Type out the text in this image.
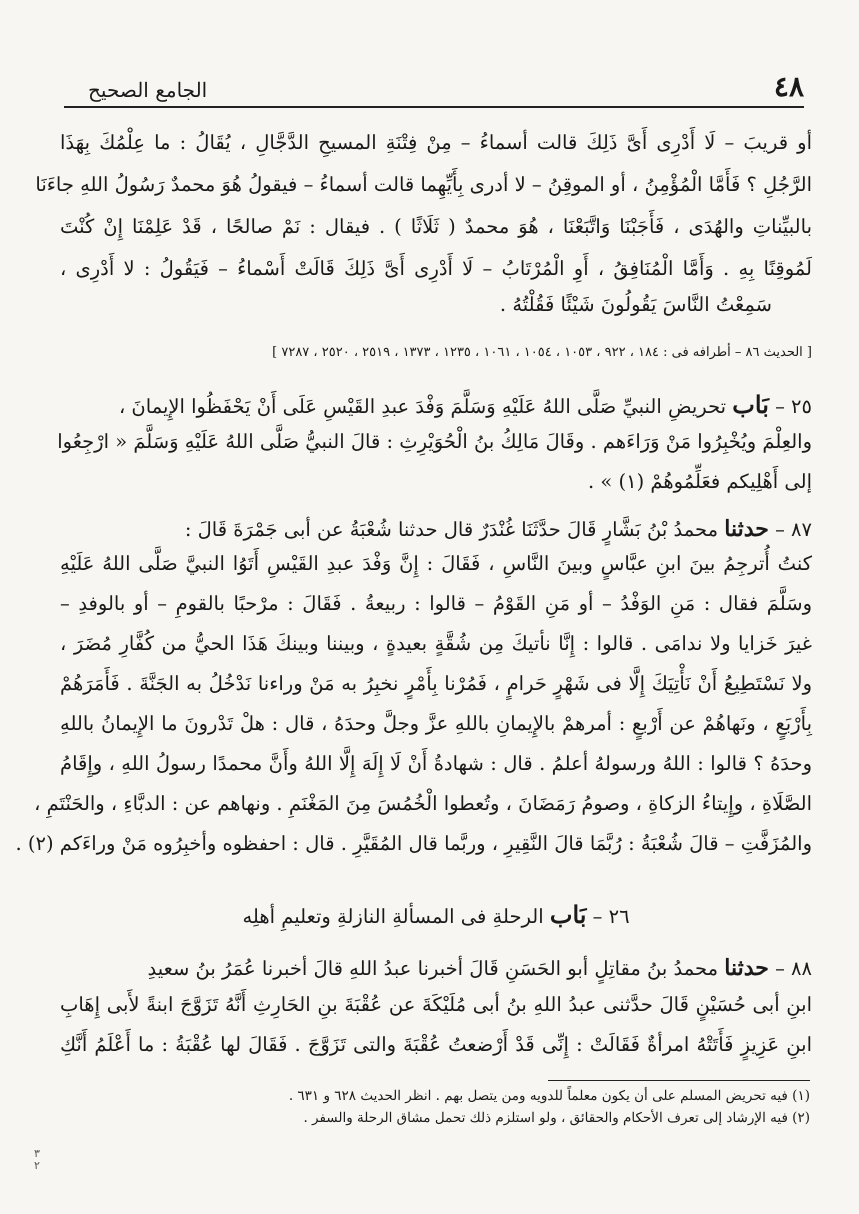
٤٨
الجامع الصحيح

أو قريبَ – لَا أَدْرِى أَىَّ ذَلِكَ قالت أسماءُ – مِنْ فِتْنَةِ المسيحِ الدَّجَّالِ ، يُقَالُ : ما عِلْمُكَ بِهَذَا

الرَّجُلِ ؟ فَأَمَّا الْمُؤْمِنُ ، أو الموقِنُ – لا أدرى بِأَيِّهِما قالت أسماءُ – فيقولُ هُوَ محمدٌ رَسُولُ اللهِ جاءَنَا

بالبيِّناتِ والهُدَى ، فَأَجَبْنَا وَاتَّبَعْنَا ، هُوَ محمدٌ ( ثَلَاثًا ) . فيقال : نَمْ صالحًا ، قَدْ عَلِمْنَا إِنْ كُنْتَ

لَمُوقِنًا بِهِ . وَأَمَّا الْمُنَافِقُ ، أَوِ الْمُرْتَابُ – لَا أَدْرِى أَىَّ ذَلِكَ قَالَتْ أَسْماءُ – فَيَقُولُ : لا أَدْرِى ،

سَمِعْتُ النَّاسَ يَقُولُونَ شَيْئًا فَقُلْتُهُ .

[ الحديث ٨٦ – أطرافه فى : ١٨٤ ، ٩٢٢ ، ١٠٥٣ ، ١٠٥٤ ، ١٠٦١ ، ١٢٣٥ ، ١٣٧٣ ، ٢٥١٩ ، ٢٥٢٠ ، ٧٢٨٧ ]
٢٥ – بَاب تحريضِ النبيِّ صَلَّى اللهُ عَلَيْهِ وَسَلَّمَ وَفْدَ عبدِ القَيْسِ عَلَى أَنْ يَحْفَظُوا الإِيمانَ ،

والعِلْمَ ويُخْبِرُوا مَنْ وَرَاءَهم . وقَالَ مَالِكُ بنُ الْحُوَيْرِثِ : قالَ النبيُّ صَلَّى اللهُ عَلَيْهِ وَسَلَّمَ « ارْجِعُوا

إلى أَهْلِيكم فعَلِّمُوهُمْ (١) » .

٨٧ – حدثنا محمدُ بْنُ بَشَّارٍ قَالَ حدَّثَنَا غُنْدَرٌ قال حدثنا شُعْبَةُ عن أبى جَمْرَةَ قَالَ :

كنتُ أُترجِمُ بينَ ابنِ عبَّاسٍ وبينَ النَّاسِ ، فَقَالَ : إِنَّ وَفْدَ عبدِ القَيْسِ أَتَوُا النبيَّ صَلَّى اللهُ عَلَيْهِ

وسَلَّمَ فقال : مَنِ الوَفْدُ – أو مَنِ القَوْمُ – قالوا : ربيعةُ . فَقَالَ : مرْحبًا بالقومِ – أو بالوفدِ –

غيرَ خَزايا ولا ندامَى . قالوا : إِنَّا نأتيكَ مِن شُقَّةٍ بعيدةٍ ، وبيننا وبينكَ هَذَا الحيُّ من كُفَّارِ مُضَرَ ،

ولا نَسْتَطِيعُ أَنْ نَأْتِيَكَ إِلَّا فى شَهْرٍ حَرامٍ ، فَمُرْنا بِأَمْرٍ نخبِرُ به مَنْ وراءنا نَدْخُلُ به الجَنَّةَ . فَأَمَرَهُمْ

بِأَرْبَعٍ ، ونَهاهُمْ عن أَرْبعٍ : أمرهمْ بالإِيمانِ باللهِ عزَّ وجلَّ وحدَهُ ، قال : هلْ تَدْرونَ ما الإِيمانُ باللهِ

وحدَهُ ؟ قالوا : اللهُ ورسولهُ أعلمُ . قال : شهادةُ أَنْ لَا إِلَهَ إِلَّا اللهُ وأَنَّ محمدًا رسولُ اللهِ ، وإِقَامُ

الصَّلَاةِ ، وإِيتاءُ الزكاةِ ، وصومُ رَمَضَانَ ، وتُعطوا الْخُمُسَ مِنَ المَغْنَمِ . ونهاهم عن : الدبَّاءِ ، والحَنْتَمِ ،

والمُزَفَّتِ – قالَ شُعْبَةُ : رُبَّمَا قالَ النَّقِيرِ ، وربَّما قال المُقَيَّرِ . قال : احفظوه وأخبِرُوه مَنْ وراءَكم (٢) .

٢٦ – بَاب الرحلةِ فى المسألةِ النازلةِ وتعليمِ أهلِه
٨٨ – حدثنا محمدُ بنُ مقاتِلٍ أبو الحَسَنِ قَالَ أخبرنا عبدُ اللهِ قالَ أخبرنا عُمَرُ بنُ سعيدِ

ابنِ أبى حُسَيْنٍ قَالَ حدَّثنى عبدُ اللهِ بنُ أبى مُلَيْكَةَ عن عُقْبَةَ بنِ الحَارِثِ أَنَّهُ تَزَوَّجَ ابنةً لأَبى إِهَابِ

ابنِ عَزِيزٍ فَأَتَتْهُ امرأةٌ فَقَالَتْ : إِنِّى قَدْ أَرْضعتُ عُقْبَةَ والتى تَزَوَّجَ . فَقَالَ لها عُقْبَةُ : ما أَعْلَمُ أَنَّكِ

(١) فيه تحريض المسلم على أن يكون معلماً للدويه ومن يتصل بهم . انظر الحديث ٦٢٨ و ٦٣١ .
(٢) فيه الإرشاد إلى تعرف الأحكام والحقائق ، ولو استلزم ذلك تحمل مشاق الرحلة والسفر .
٣ ٢
